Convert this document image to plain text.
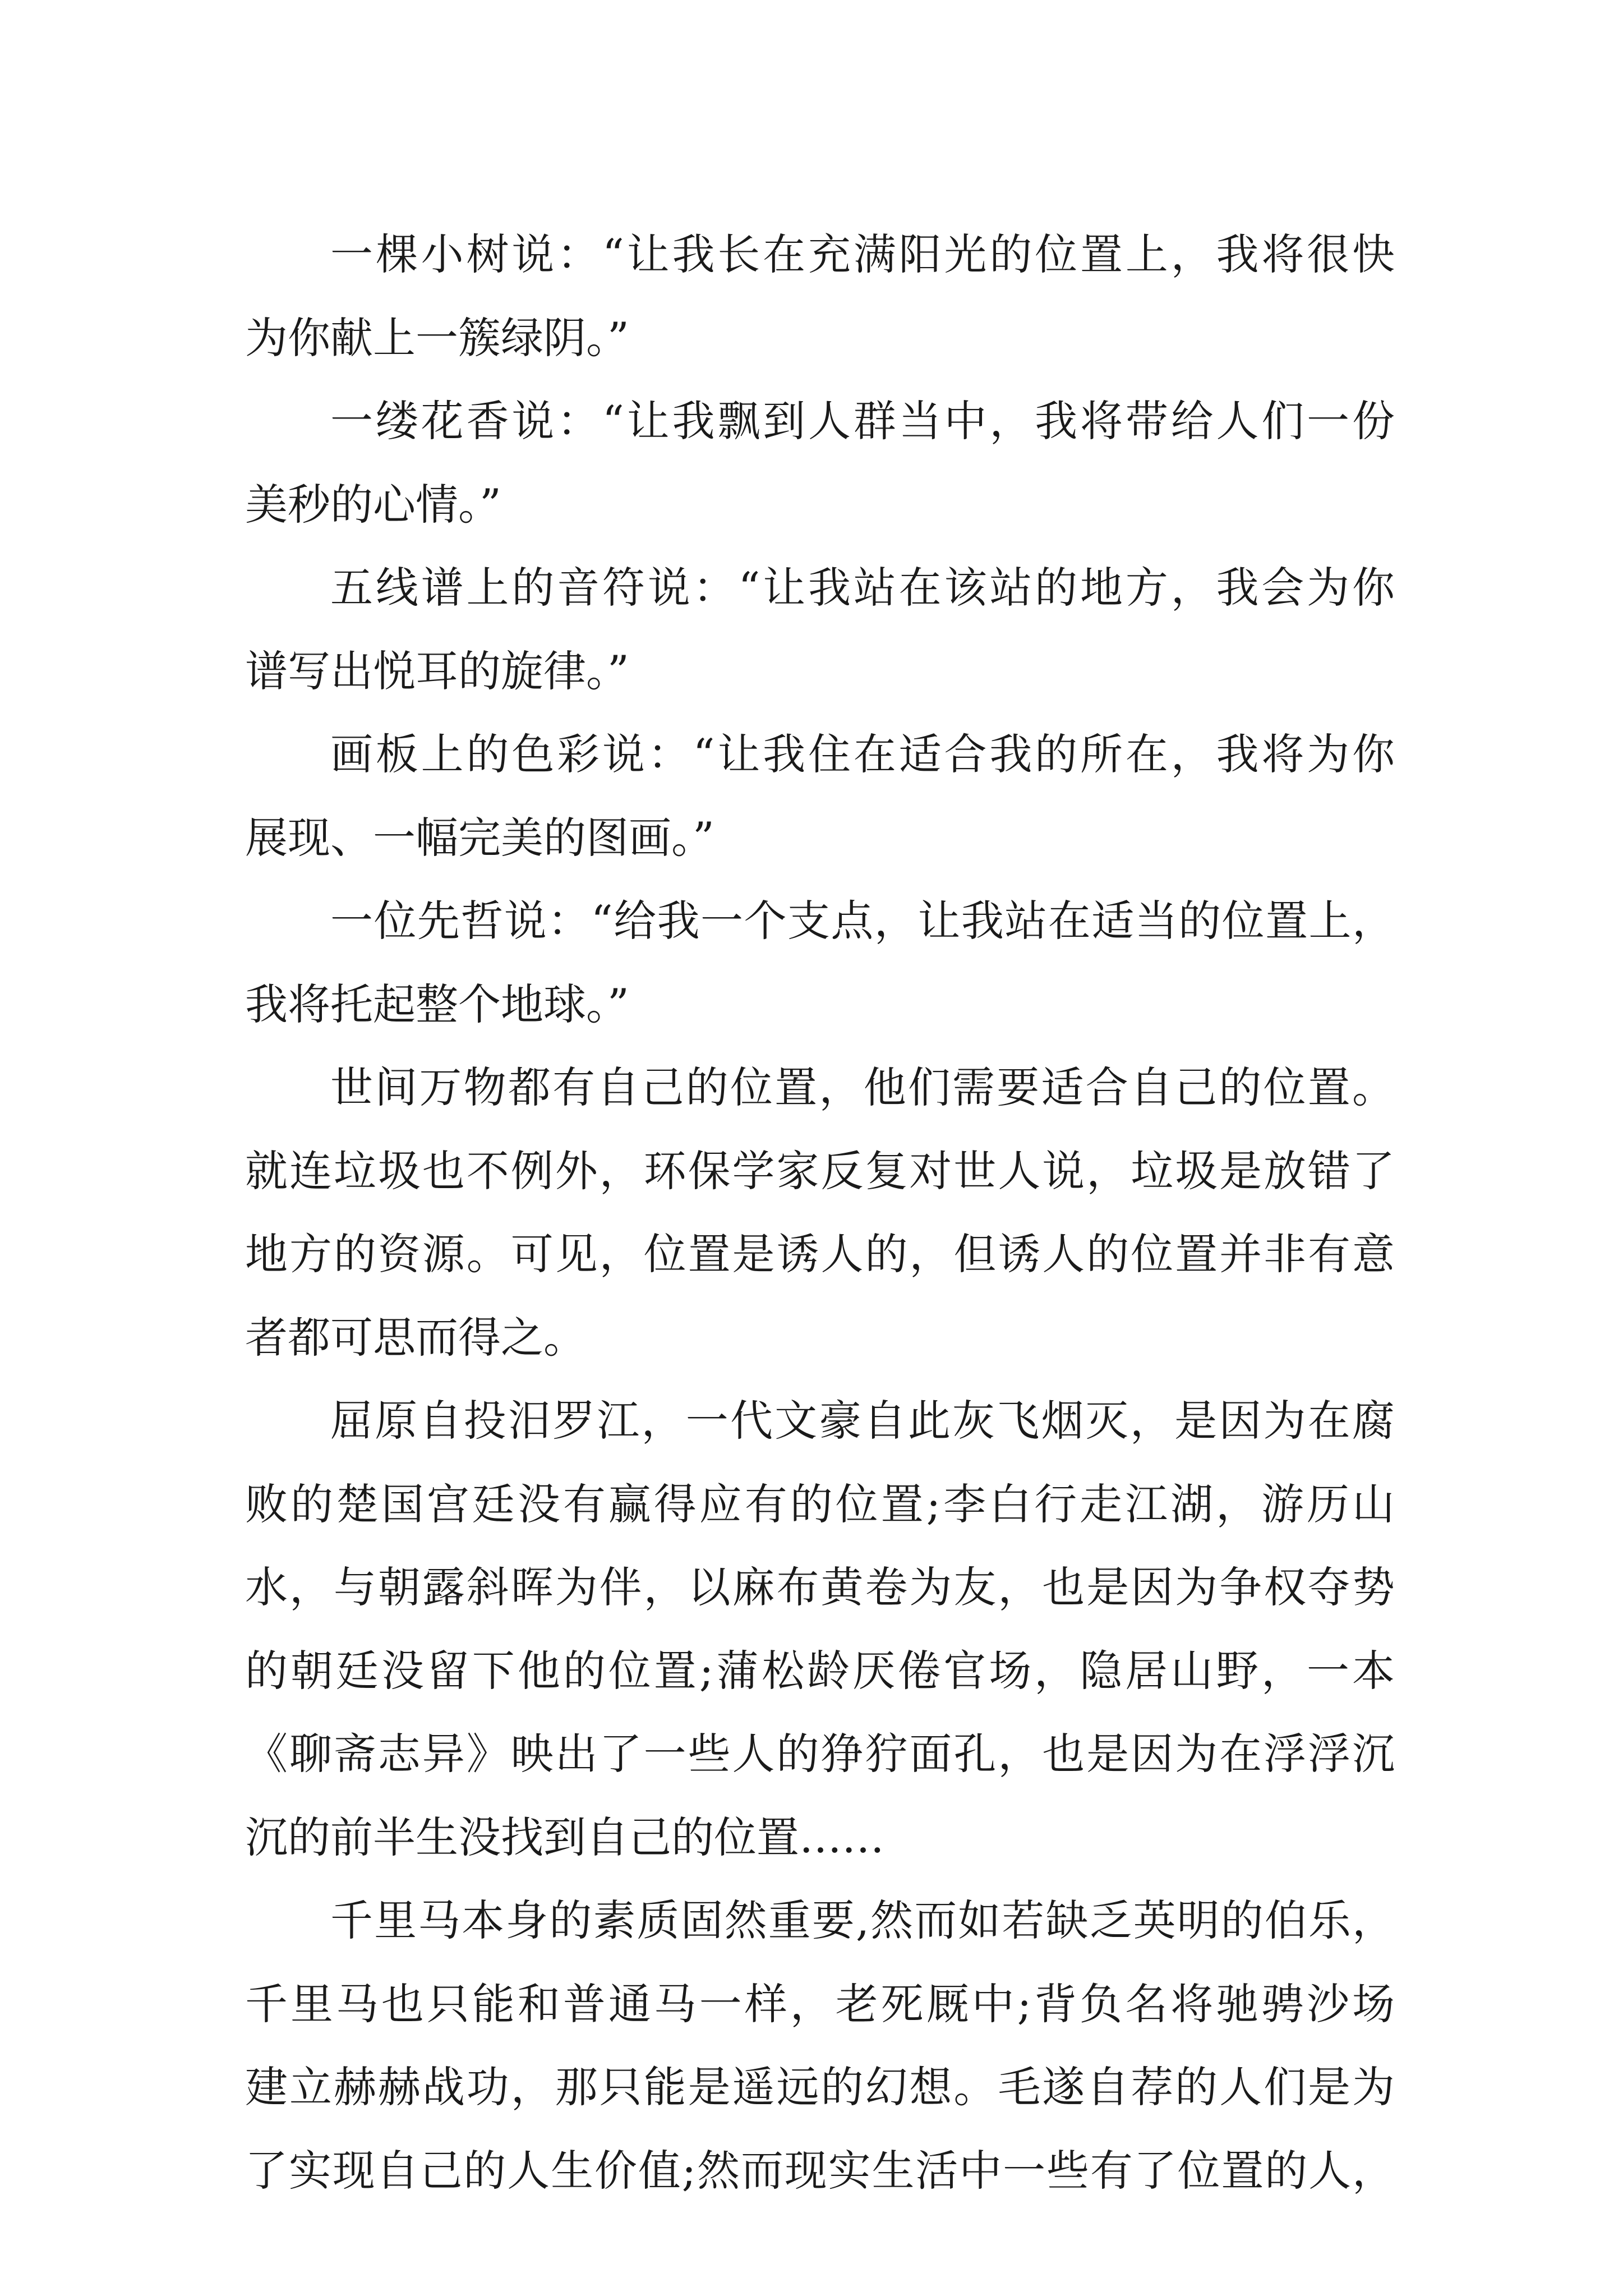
一棵小树说：“让我长在充满阳光的位置上，我将很快
为你献上一簇绿阴。”
一缕花香说：“让我飘到人群当中，我将带给人们一份
美秒的心情。”
五线谱上的音符说：“让我站在该站的地方，我会为你
谱写出悦耳的旋律。”
画板上的色彩说：“让我住在适合我的所在，我将为你
展现、一幅完美的图画。”
一位先哲说：“给我一个支点，让我站在适当的位置上，
我将托起整个地球。”
世间万物都有自己的位置，他们需要适合自己的位置。
就连垃圾也不例外，环保学家反复对世人说，垃圾是放错了
地方的资源。可见，位置是诱人的，但诱人的位置并非有意
者都可思而得之。
屈原自投汨罗江，一代文豪自此灰飞烟灭，是因为在腐
败的楚国宫廷没有赢得应有的位置;李白行走江湖，游历山
水，与朝露斜晖为伴，以麻布黄卷为友，也是因为争权夺势
的朝廷没留下他的位置;蒲松龄厌倦官场，隐居山野，一本
《聊斋志异》映出了一些人的狰狞面孔，也是因为在浮浮沉
沉的前半生没找到自己的位置……
千里马本身的素质固然重要,然而如若缺乏英明的伯乐，
千里马也只能和普通马一样，老死厩中;背负名将驰骋沙场
建立赫赫战功，那只能是遥远的幻想。毛遂自荐的人们是为
了实现自己的人生价值;然而现实生活中一些有了位置的人，
